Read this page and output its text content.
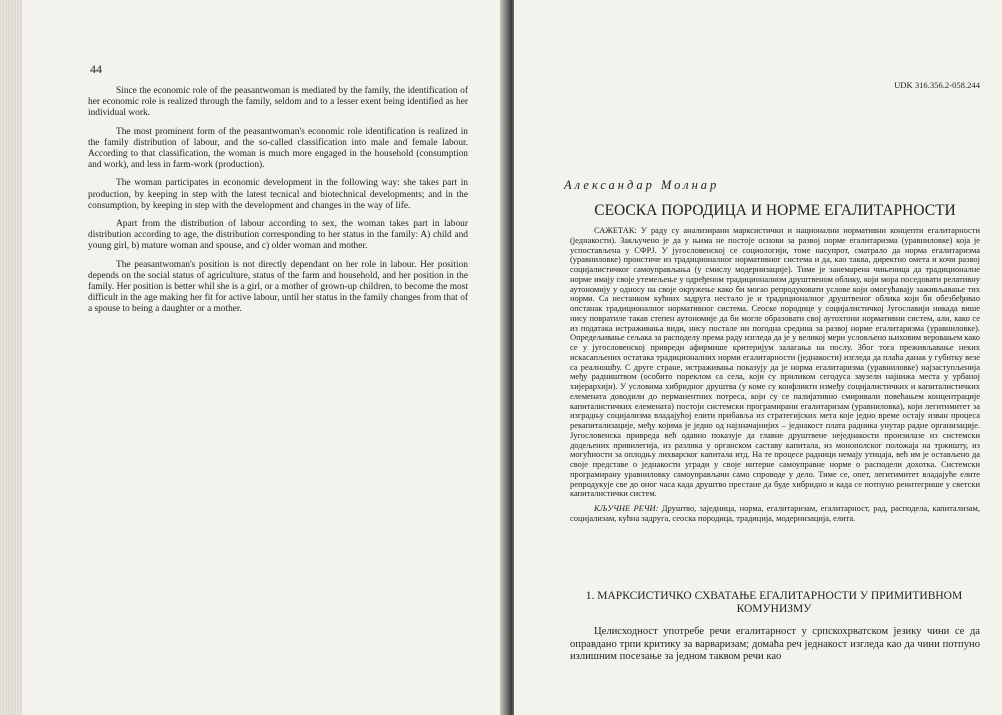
44

Since the economic role of the peasantwoman is mediated by the family, the identification of her economic role is realized through the family, seldom and to a lesser exent being identified as her individual work.

The most prominent form of the peasantwoman's economic role identification is realized in the family distribution of labour, and the so-called classification into male and female labour. According to that classification, the woman is much more engaged in the household (consumption and work), and less in farm-work (production).

The woman participates in economic development in the following way: she takes part in production, by keeping in step with the latest tecnical and biotechnical developments; and in the consumption, by keeping in step with the development and changes in the way of life.

Apart from the distribution of labour according to sex, the woman takes part in labour distribution according to age, the distribution corresponding to her status in the family: A) child and young girl, b) mature woman and spouse, and c) older woman and mother.

The peasantwoman's position is not directly dependant on her role in labour. Her position depends on the social status of agriculture, status of the farm and household, and her position in the family. Her position is better whil she is a girl, or a mother of grown-up children, to become the most difficult in the age making her fit for active labour, until her status in the family changes from that of a spouse to being a daughter or a mother.

UDK 316.356.2-058.244
Александар Молнар
СЕОСКА ПОРОДИЦА И НОРМЕ ЕГАЛИТАРНОСТИ

САЖЕТАК: У раду су анализирани марксистички и национални нормативни концепти егалитарности (једнакости). Закључено је да у њима не постоје основи за развој норме егалитаризма (уравниловке) која је успостављена у СФРЈ. У југословенској се социологији, томе насупрот, сматрало да норма егалитаризма (уравниловке) проистиче из традиционалног нормативног система и да, као таква, директно омета и кочи развој социјалистичког самоуправљања (у смислу модернизације). Тиме је занемарена чињеница да традиционалне норме имају своје утемељење у одређеном традиционалном друштвеном облику, који мора поседовати релативну аутономију у односу на своје окружење како би могао репродуковати услове који омогућавају заживљавање тих норми. Са нестанком кућних задруга нестало је и традиционалног друштвеног облика који би обезбеђивао опстанак традиционалног нормативног система. Сеоске породице у социјалистичкој Југославији никада више нису повратиле такав степен аутономије да би могле образовати свој аутохтони нормативни систем, али, како се из података истраживања види, нису постале ни погодна средина за развој норме егалитаризма (уравниловке). Опредељивање сељака за расподелу према раду изгледа да је у великој мери условљено њиховим веровањем како се у југословенској привреди афирмише критеријум залагања на послу. Због тога преживљавање неких искасапљених остатака традиционалних норми егалитарности (једнакости) изгледа да плаћа данак у губитку везе са реалношћу. С друге стране, истраживања показују да је норма егалитаризма (уравниловке) најзаступљенија међу радништвом (особито пореклом са села, који су приликом сегодуса заузели најнижа места у урбаној хијерархији). У условима хибридног друштва (у коме су конфликти између социјалистичких и капиталистичких елемената доводили до перманентних потреса, који су се палијативно смиривали повећањем концентрације капиталистичких елемената) постоји системски програмирани егалитаризам (уравниловка), који легитимитет за изградњу социјализма владајућој елити прибавља из стратегијских мета које једно време остају изван процеса рекапитализације, међу којима је једно од најзначајнијих – једнакост плата радника унутар радне организације. Југословенска привреда већ одавно показује да главне друштвене неједнакости произилазе из системски додељених привилегија, из разлика у органском саставу капитала, из монополског положаја на тржишту, из могућности за оплодњу лихварског капитала итд. На те процесе радници немају утицаја, већ им је остављено да своје представе о једнакости угради у своје интерне самоуправне норме о расподели дохотка. Системски програмирану уравниловку самоуправљачи само спроводе у дело. Тиме се, опет, легитимитет владајуће елите репродукује све до оног часа када друштво престане да буде хибридно и када се потпуно реинтегрише у светски капиталистички систем.

КЉУЧНЕ РЕЧИ: Друштво, заједница, норма, егалитаризам, егалитарност, рад, расподела, капитализам, социјализам, кућна задруга, сеоска породица, традиција, модернизација, елита.

1. МАРКСИСТИЧКО СХВАТАЊЕ ЕГАЛИТАРНОСТИ У ПРИМИТИВНОМ КОМУНИЗМУ

Целисходност употребе речи егалитарност у српскохрватском језику чини се да оправдано трпи критику за варваризам; домаћа реч једнакост изгледа као да чини потпуно излишним посезање за једном таквом речи као
